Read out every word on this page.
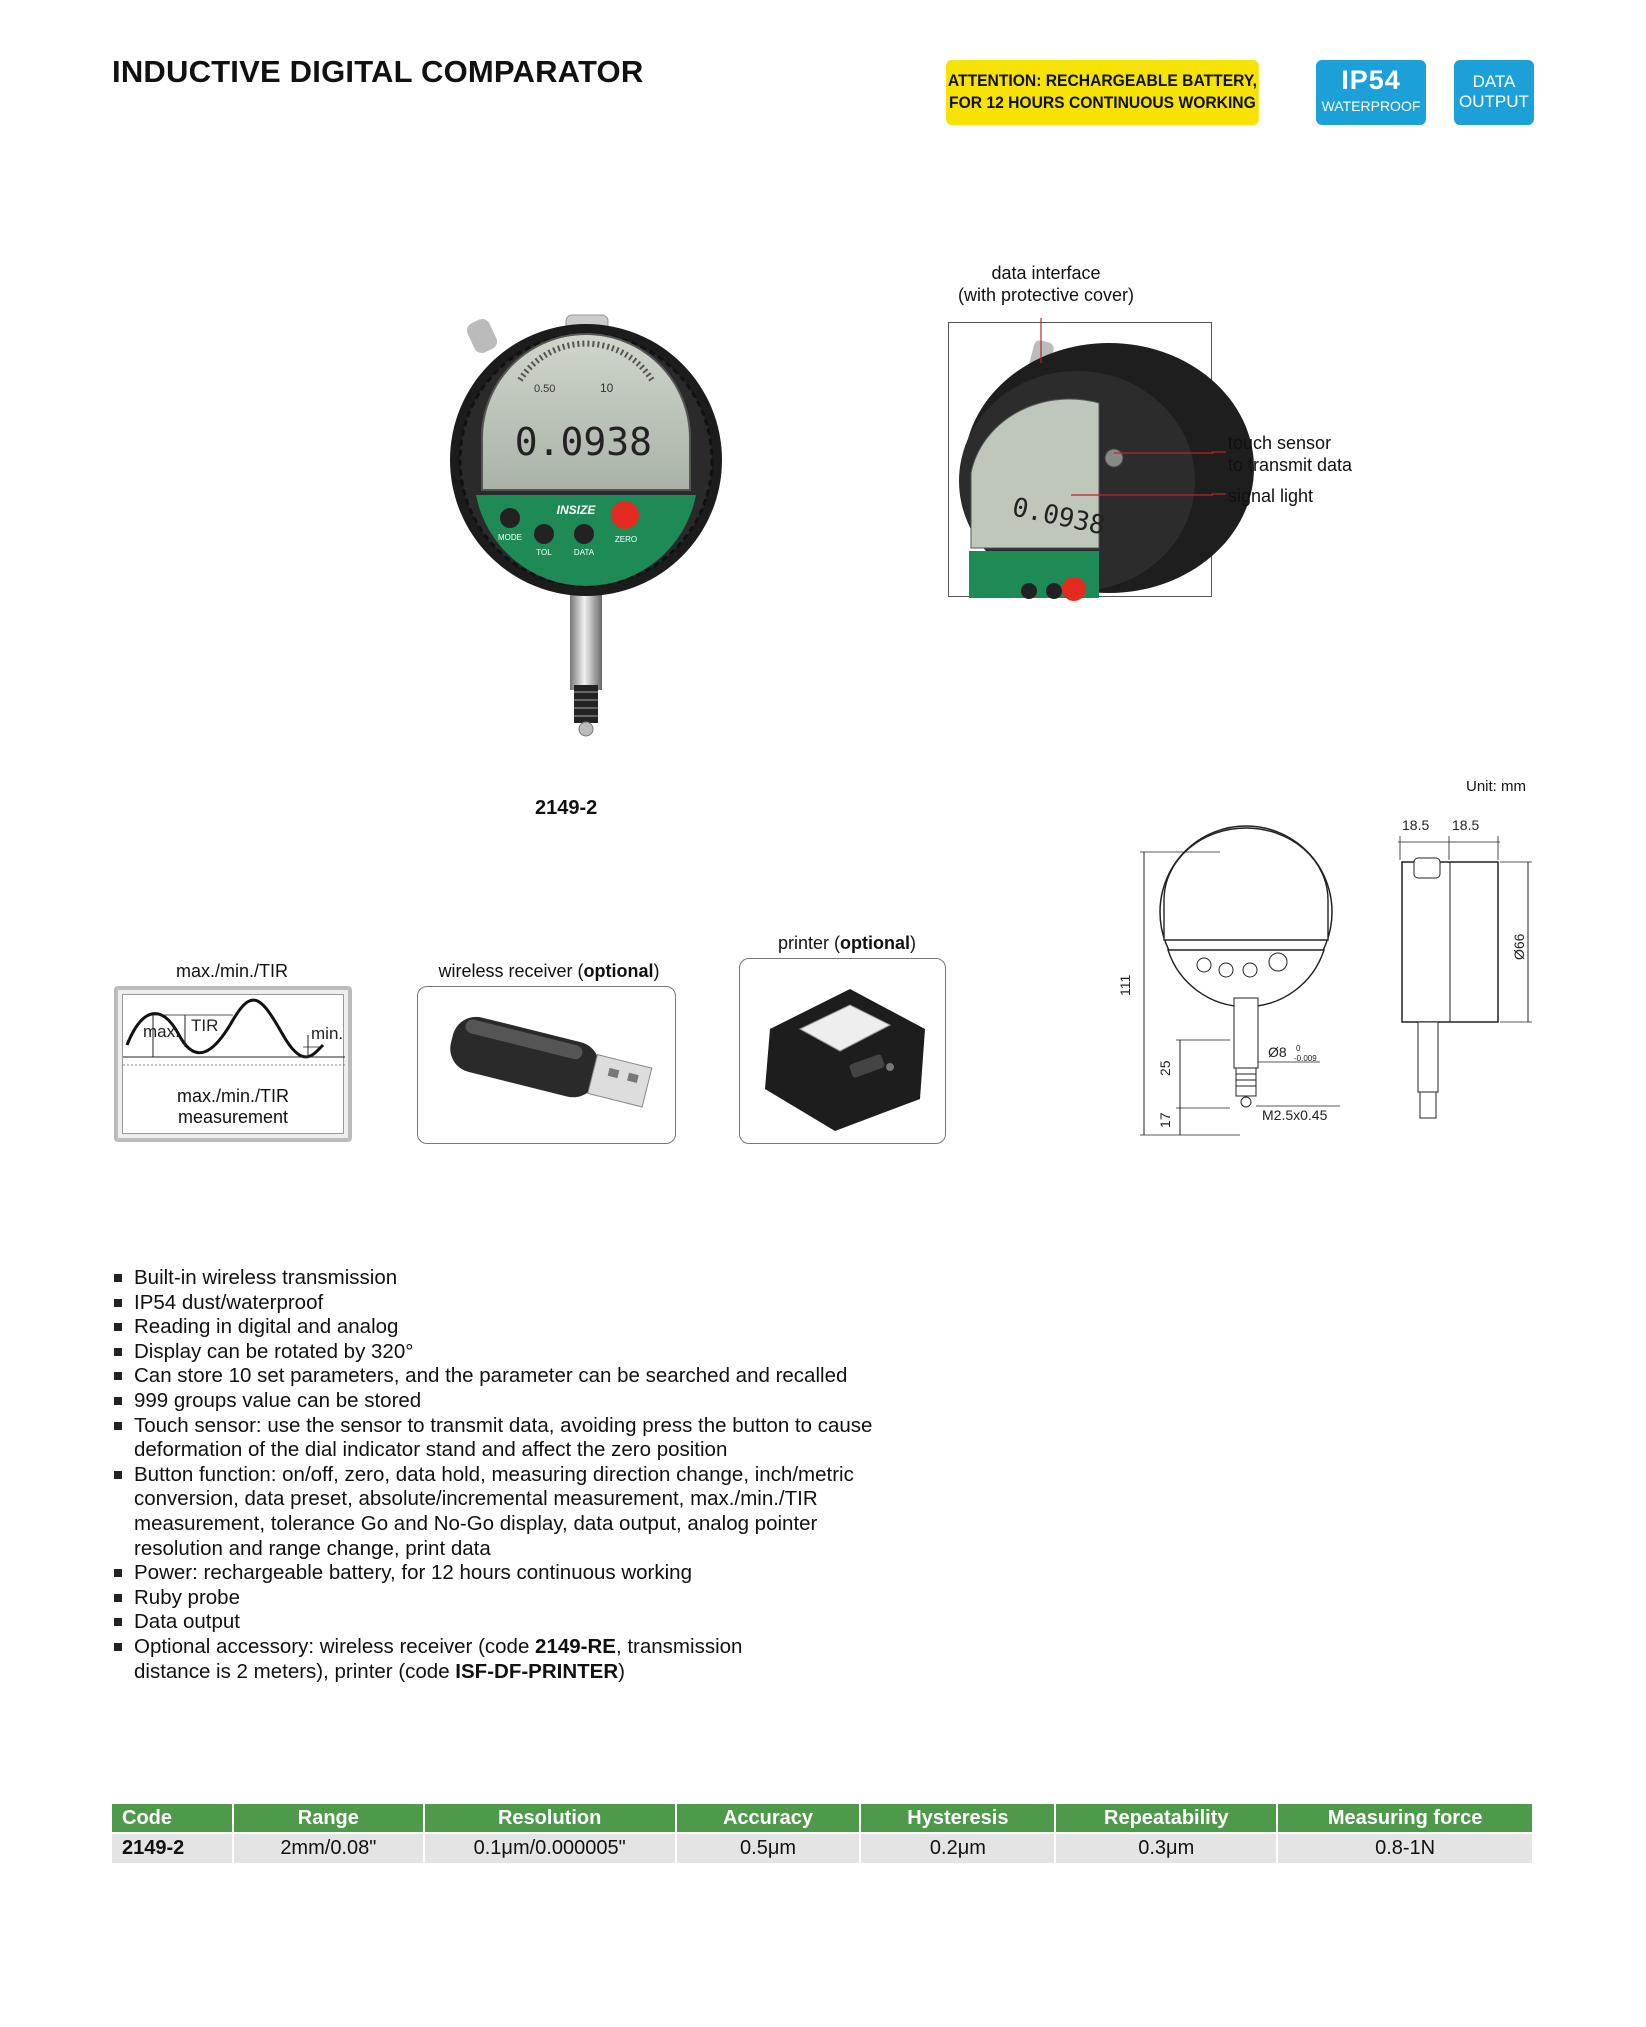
INDUCTIVE DIGITAL COMPARATOR	ATTENTION: RECHARGEABLE BATTERY,
FOR 12 HOURS CONTINUOUS WORKING
IP54
WATERPROOF
DATA
OUTPUT
0.50	10
0.0938
INSIZE
MODE
TOL	DATA
ZERO
2149-2
data interface
(with protective cover)
0.0938
touch sensor
to transmit data
signal light
Unit: mm
111
25
17
Ø8 0
-0.009
M2.5x0.45
18.5 18.5
Ø66
max./min./TIR
max. TIR	min.
max./min./TIR
measurement
wireless receiver (optional)
printer (optional)
Built-in wireless transmission
IP54 dust/waterproof
Reading in digital and analog
Display can be rotated by 320°
Can store 10 set parameters, and the parameter can be searched and recalled
999 groups value can be stored
Touch sensor: use the sensor to transmit data, avoiding press the button to cause deformation of the dial indicator stand and affect the zero position
Button function: on/off, zero, data hold, measuring direction change, inch/metric conversion, data preset, absolute/incremental measurement, max./min./TIR measurement, tolerance Go and No-Go display, data output, analog pointer resolution and range change, print data
Power: rechargeable battery, for 12 hours continuous working
Ruby probe
Data output
Optional accessory: wireless receiver (code 2149-RE, transmission distance is 2 meters), printer (code ISF-DF-PRINTER)
Code	Range	Resolution	Accuracy	Hysteresis	Repeatability	Measuring force
2149-2	2mm/0.08"	0.1μm/0.000005"	0.5μm	0.2μm	0.3μm	0.8-1N
